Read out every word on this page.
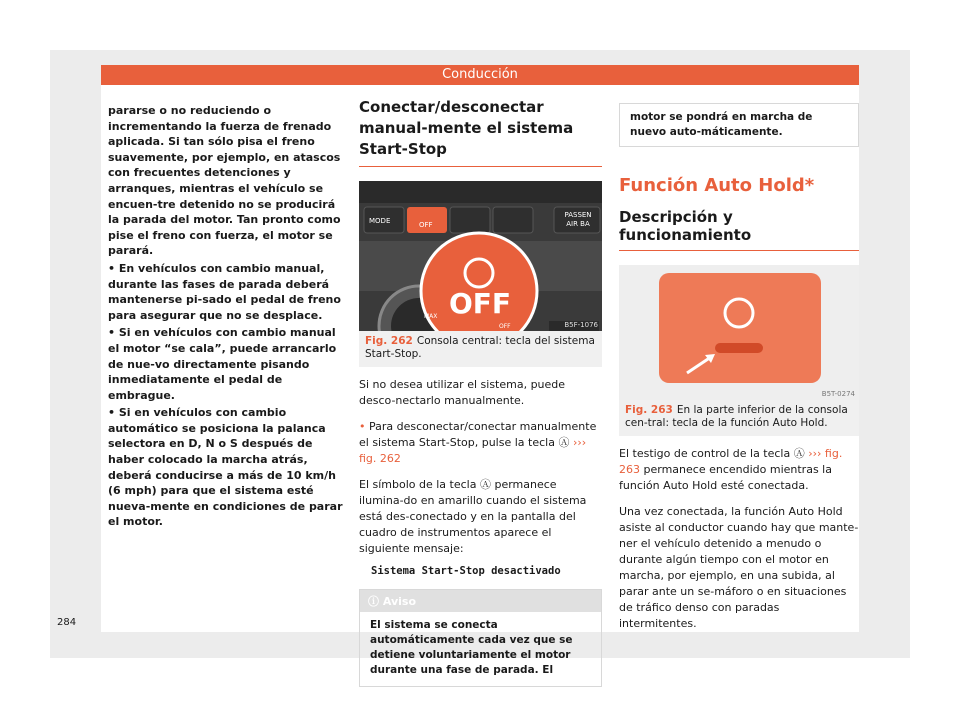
Conducción

pararse o no reduciendo o incrementando la fuerza de frenado aplicada. Si tan sólo pisa el freno suavemente, por ejemplo, en atascos con frecuentes detenciones y arranques, mientras el vehículo se encuen-tre detenido no se producirá la parada del motor. Tan pronto como pise el freno con fuerza, el motor se parará.

• En vehículos con cambio manual, durante las fases de parada deberá mantenerse pi-sado el pedal de freno para asegurar que no se desplace.

• Si en vehículos con cambio manual el motor “se cala”, puede arrancarlo de nue-vo directamente pisando inmediatamente el pedal de embrague.

• Si en vehículos con cambio automático se posiciona la palanca selectora en D, N o S después de haber colocado la marcha atrás, deberá conducirse a más de 10 km/h (6 mph) para que el sistema esté nueva-mente en condiciones de parar el motor.

Conectar/desconectar manual-mente el sistema Start-Stop
MODE	OFF
PASSEN AIR BA
OFF
MAX
OFF	B5F-1076
Fig. 262 Consola central: tecla del sistema Start-Stop.

Si no desea utilizar el sistema, puede desco-nectarlo manualmente.

• Para desconectar/conectar manualmente el sistema Start-Stop, pulse la tecla Ⓐ ››› fig. 262

El símbolo de la tecla Ⓐ permanece ilumina-do en amarillo cuando el sistema está des-conectado y en la pantalla del cuadro de instrumentos aparece el siguiente mensaje:

Sistema Start-Stop desactivado

ⓘ Aviso
El sistema se conecta automáticamente cada vez que se detiene voluntariamente el motor durante una fase de parada. El
motor se pondrá en marcha de nuevo auto-máticamente.
Función Auto Hold*
Descripción y funcionamiento
B5T-0274
Fig. 263 En la parte inferior de la consola cen-tral: tecla de la función Auto Hold.

El testigo de control de la tecla Ⓐ ››› fig. 263 permanece encendido mientras la función Auto Hold esté conectada.

Una vez conectada, la función Auto Hold asiste al conductor cuando hay que mante-ner el vehículo detenido a menudo o durante algún tiempo con el motor en marcha, por ejemplo, en una subida, al parar ante un se-máforo o en situaciones de tráfico denso con paradas intermitentes.

284
